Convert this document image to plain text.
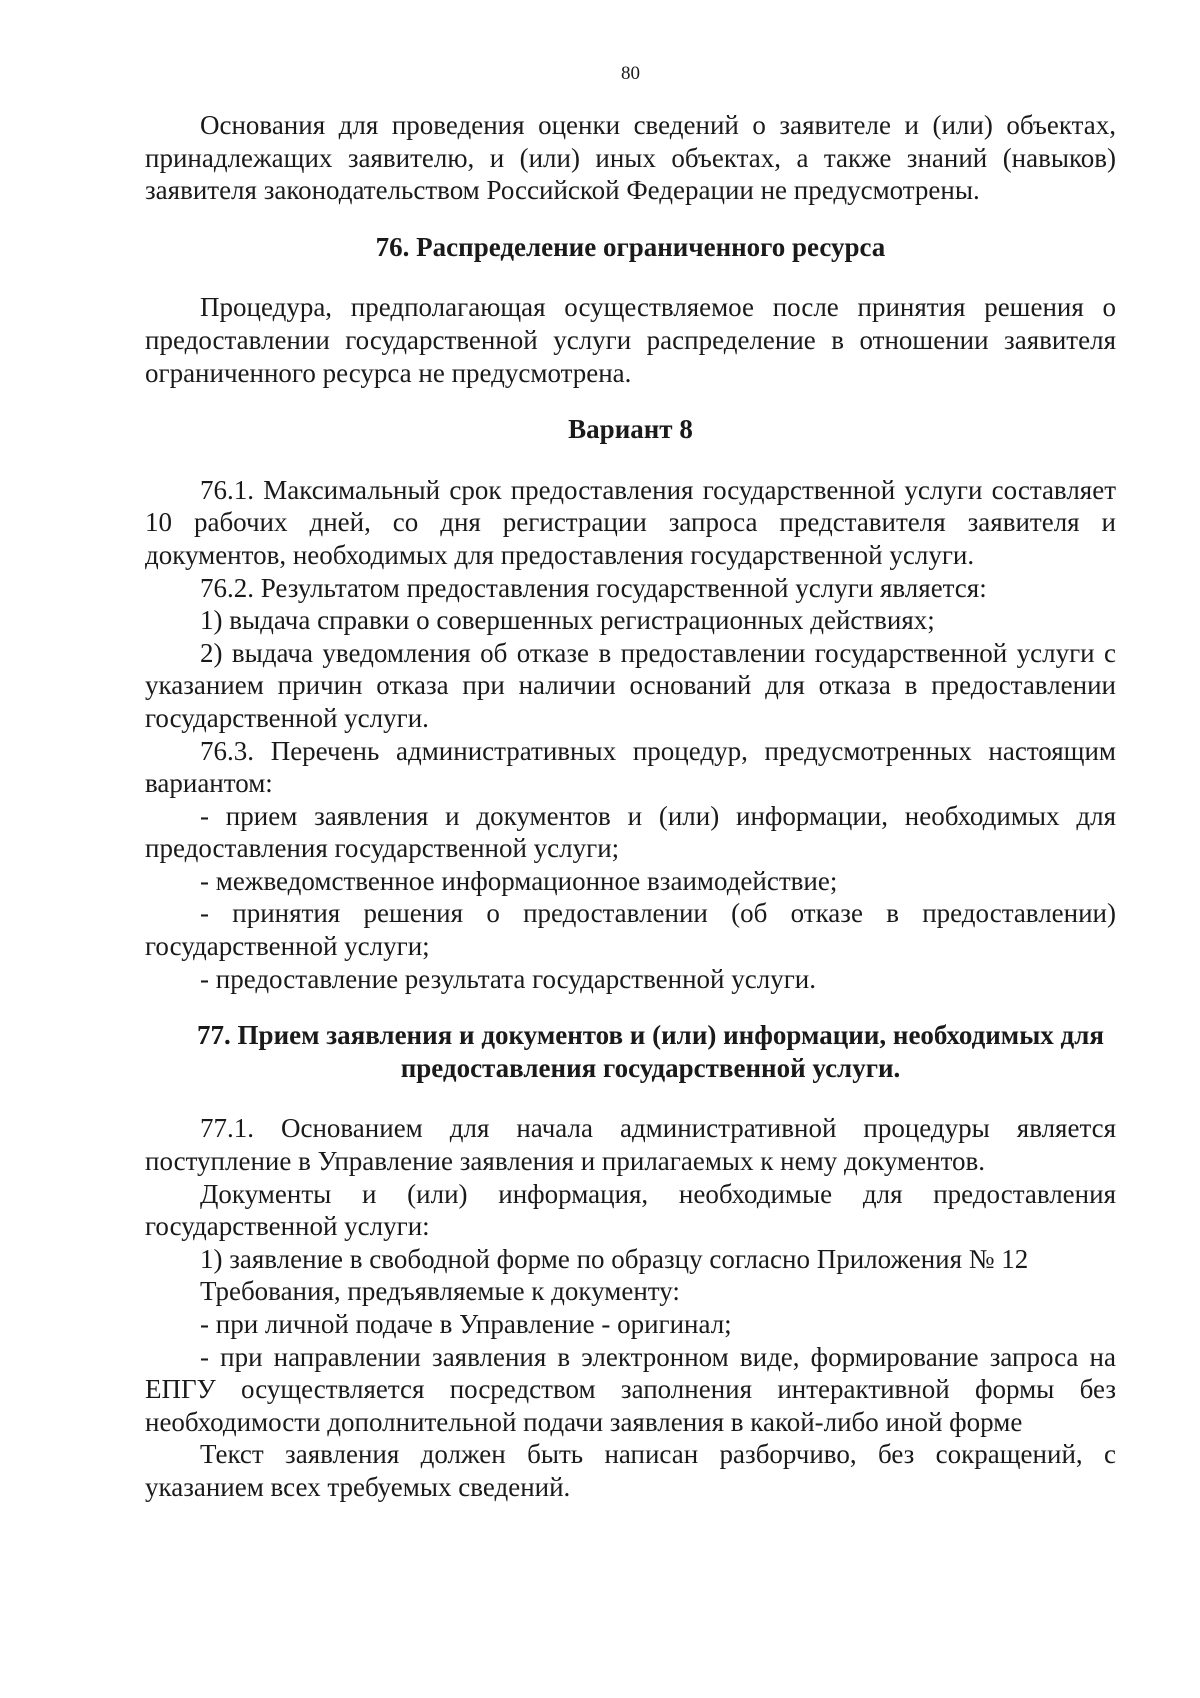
80

Основания для проведения оценки сведений о заявителе и (или) объектах, принадлежащих заявителю, и (или) иных объектах, а также знаний (навыков) заявителя законодательством Российской Федерации не предусмотрены.

76. Распределение ограниченного ресурса

Процедура, предполагающая осуществляемое после принятия решения о предоставлении государственной услуги распределение в отношении заявителя ограниченного ресурса не предусмотрена.

Вариант 8

76.1. Максимальный срок предоставления государственной услуги составляет 10 рабочих дней, со дня регистрации запроса представителя заявителя и документов, необходимых для предоставления государственной услуги.

76.2. Результатом предоставления государственной услуги является:

1) выдача справки о совершенных регистрационных действиях;

2) выдача уведомления об отказе в предоставлении государственной услуги с указанием причин отказа при наличии оснований для отказа в предоставлении государственной услуги.

76.3. Перечень административных процедур, предусмотренных настоящим вариантом:

- прием заявления и документов и (или) информации, необходимых для предоставления государственной услуги;

- межведомственное информационное взаимодействие;

- принятия решения о предоставлении (об отказе в предоставлении) государственной услуги;

- предоставление результата государственной услуги.

77. Прием заявления и документов и (или) информации, необходимых для предоставления государственной услуги.

77.1. Основанием для начала административной процедуры является поступление в Управление заявления и прилагаемых к нему документов.

Документы и (или) информация, необходимые для предоставления государственной услуги:

1) заявление в свободной форме по образцу согласно Приложения № 12

Требования, предъявляемые к документу:

- при личной подаче в Управление - оригинал;

- при направлении заявления в электронном виде, формирование запроса на ЕПГУ осуществляется посредством заполнения интерактивной формы без необходимости дополнительной подачи заявления в какой-либо иной форме

Текст заявления должен быть написан разборчиво, без сокращений, с указанием всех требуемых сведений.
